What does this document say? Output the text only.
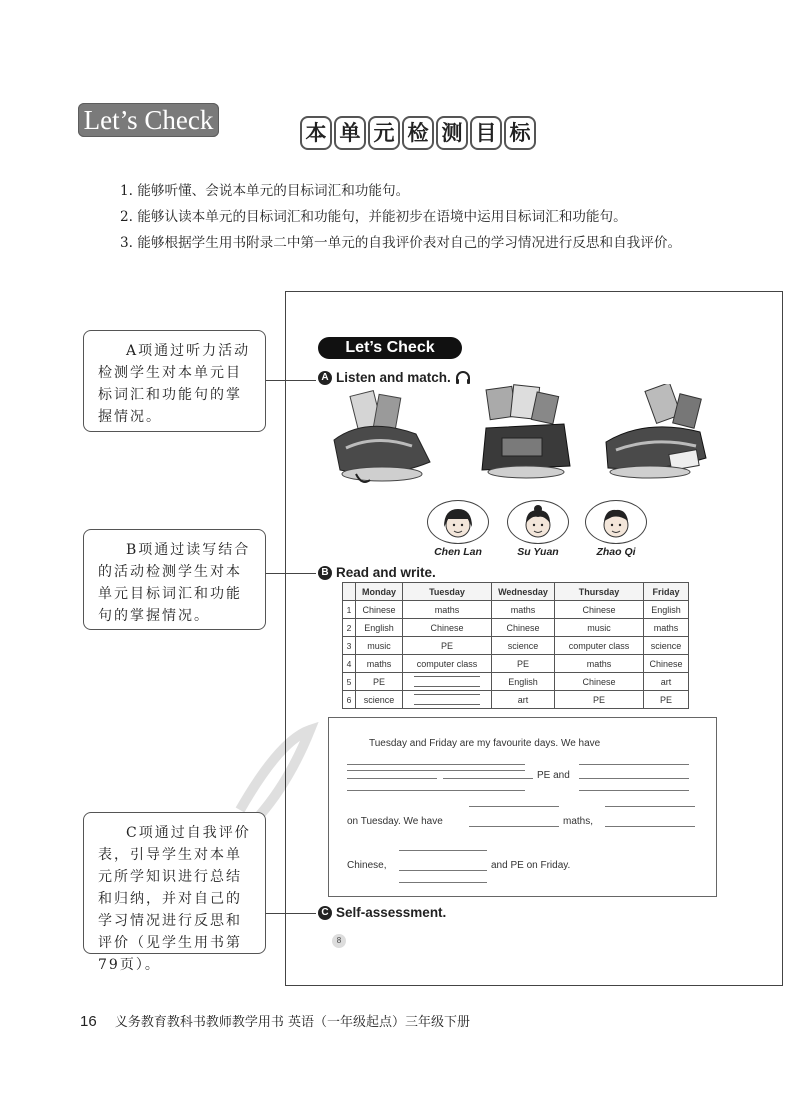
Let’s Check	本 单 元 检 测 目 标

1. 能够听懂、会说本单元的目标词汇和功能句。

2. 能够认读本单元的目标词汇和功能句，并能初步在语境中运用目标词汇和功能句。

3. 能够根据学生用书附录二中第一单元的自我评价表对自己的学习情况进行反思和自我评价。

A项通过听力活动检测学生对本单元目标词汇和功能句的掌握情况。
B项通过读写结合的活动检测学生对本单元目标词汇和功能句的掌握情况。
C项通过自我评价表，引导学生对本单元所学知识进行总结和归纳，并对自己的学习情况进行反思和评价（见学生用书第79页）。
Let’s Check
A Listen and match.
Chen Lan	Su Yuan	Zhao Qi
B Read and write.
	Monday	Tuesday	Wednesday	Thursday	Friday
1	Chinese	maths	maths	Chinese	English
2	English	Chinese	Chinese	music	maths
3	music	PE	science	computer class	science
4	maths	computer class	PE	maths	Chinese
5	PE		English	Chinese	art
6	science		art	PE	PE
Tuesday and Friday are my favourite days. We have
PE and
on Tuesday. We have	maths,
Chinese,	and PE on Friday.
C Self-assessment.
8
16 义务教育教科书教师教学用书 英语（一年级起点）三年级下册
